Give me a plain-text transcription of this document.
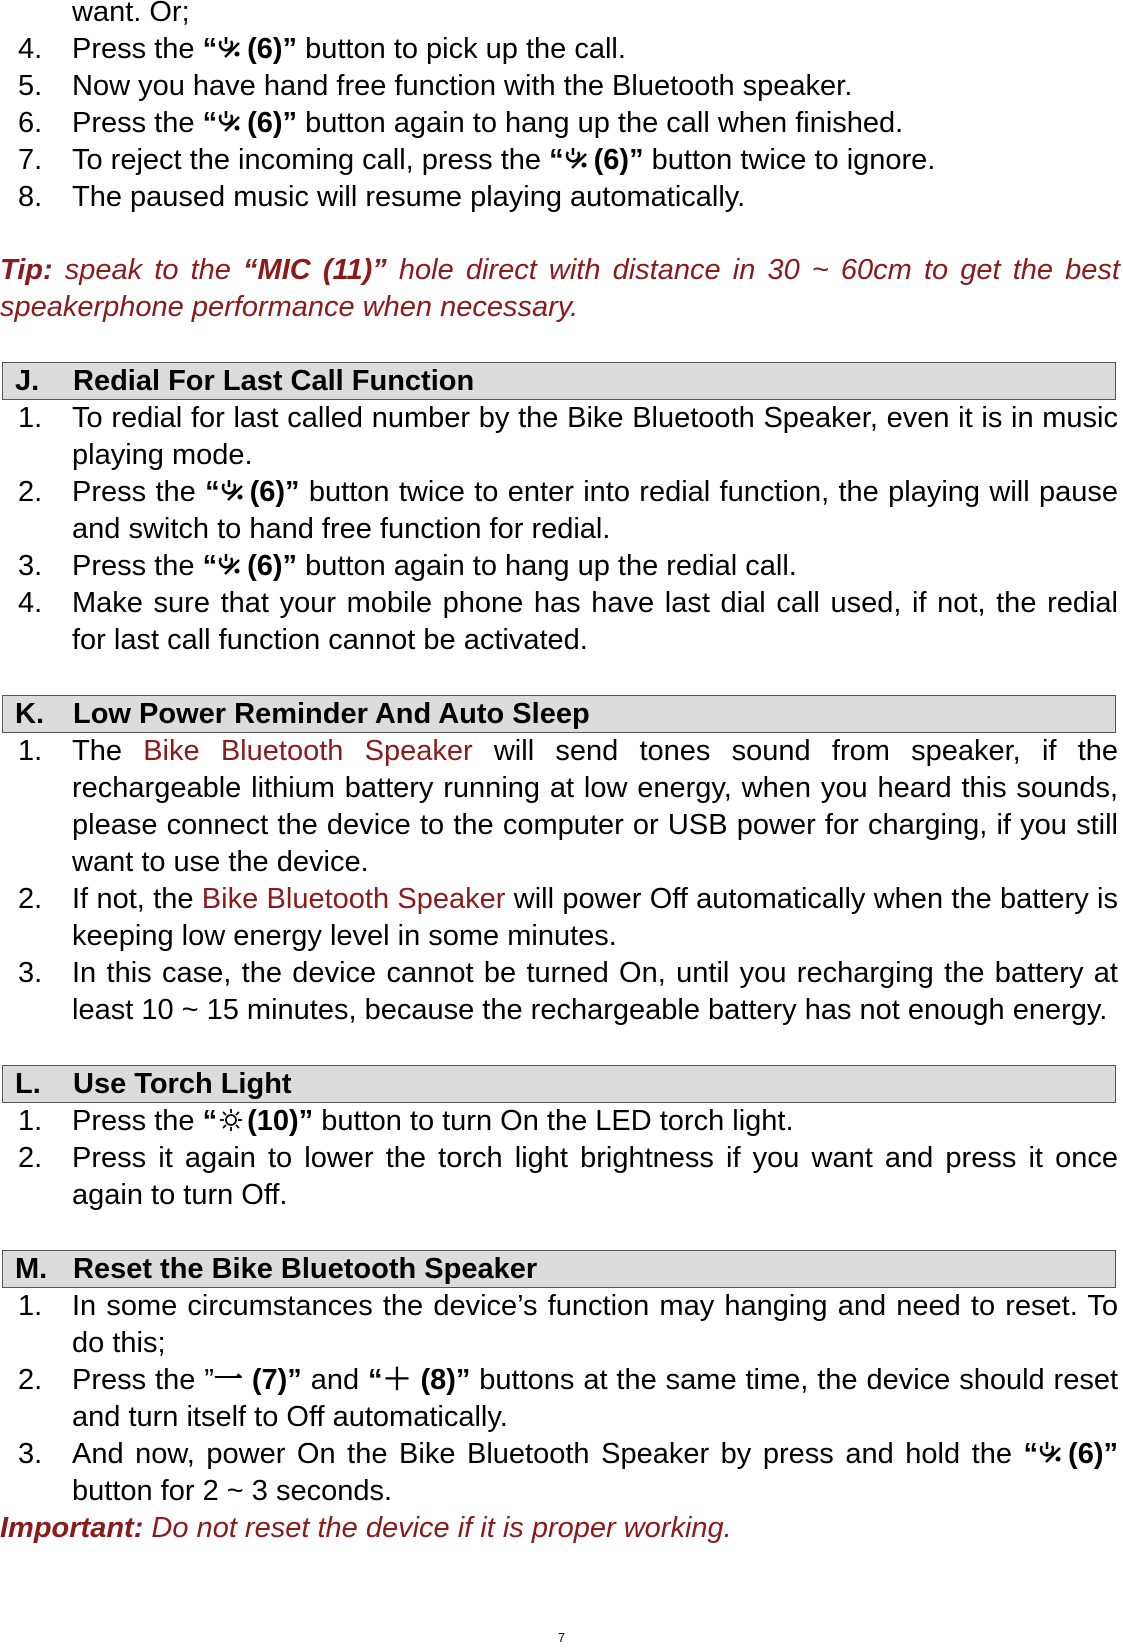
want. Or;
4. Press the “ (6)” button to pick up the call.
5. Now you have hand free function with the Bluetooth speaker.
6. Press the “ (6)” button again to hang up the call when finished.
7. To reject the incoming call, press the “ (6)” button twice to ignore.
8. The paused music will resume playing automatically.
Tip: speak to the “MIC (11)” hole direct with distance in 30 ~ 60cm to get the best speakerphone performance when necessary.
J. Redial For Last Call Function
1. To redial for last called number by the Bike Bluetooth Speaker, even it is in music playing mode.
2. Press the “ (6)” button twice to enter into redial function, the playing will pause and switch to hand free function for redial.
3. Press the “ (6)” button again to hang up the redial call.
4. Make sure that your mobile phone has have last dial call used, if not, the redial for last call function cannot be activated.
K. Low Power Reminder And Auto Sleep
1. The Bike Bluetooth Speaker will send tones sound from speaker, if the rechargeable lithium battery running at low energy, when you heard this sounds, please connect the device to the computer or USB power for charging, if you still want to use the device.
2. If not, the Bike Bluetooth Speaker will power Off automatically when the battery is keeping low energy level in some minutes.
3. In this case, the device cannot be turned On, until you recharging the battery at least 10 ~ 15 minutes, because the rechargeable battery has not enough energy.
L. Use Torch Light
1. Press the “ (10)” button to turn On the LED torch light.
2. Press it again to lower the torch light brightness if you want and press it once again to turn Off.
M. Reset the Bike Bluetooth Speaker
1. In some circumstances the device’s function may hanging and need to reset. To do this;
2. Press the ”一 (7)” and “＋ (8)” buttons at the same time, the device should reset and turn itself to Off automatically.
3. And now, power On the Bike Bluetooth Speaker by press and hold the “ (6)” button for 2 ~ 3 seconds.
Important: Do not reset the device if it is proper working.
7
